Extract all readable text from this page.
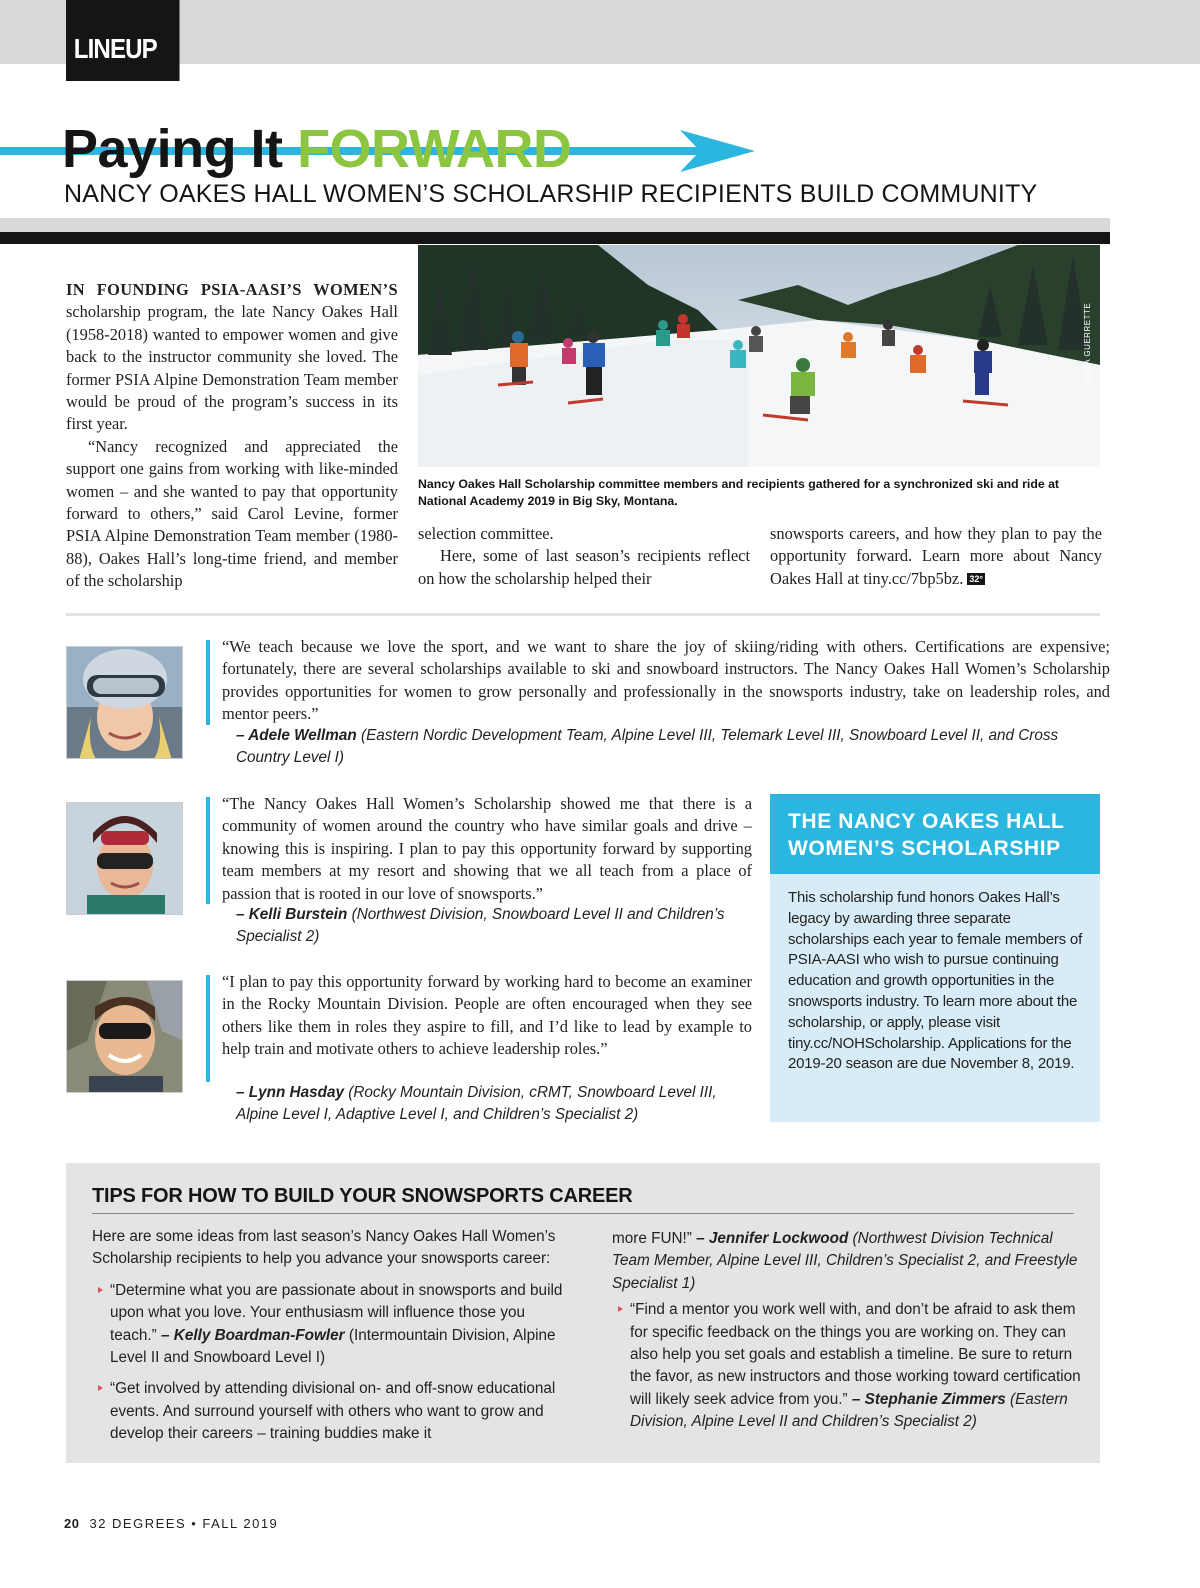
LINEUP
Paying It FORWARD
NANCY OAKES HALL WOMEN’S SCHOLARSHIP RECIPIENTS BUILD COMMUNITY

IN FOUNDING PSIA-AASI’S WOMEN’S scholarship program, the late Nancy Oakes Hall (1958-2018) wanted to empower women and give back to the instructor community she loved. The former PSIA Alpine Demonstration Team member would be proud of the program’s success in its first year.

“Nancy recognized and appreciated the support one gains from working with like-minded women – and she wanted to pay that opportunity forward to others,” said Carol Levine, former PSIA Alpine Demonstration Team member (1980-88), Oakes Hall’s long-time friend, and member of the scholarship

LINDA GUERRETTE
Nancy Oakes Hall Scholarship committee members and recipients gathered for a synchronized ski and ride at National Academy 2019 in Big Sky, Montana.

selection committee.

Here, some of last season’s recipients reflect on how the scholarship helped their

snowsports careers, and how they plan to pay the opportunity forward. Learn more about Nancy Oakes Hall at tiny.cc/7bp5bz. 32°

“We teach because we love the sport, and we want to share the joy of skiing/riding with others. Certifications are expensive; fortunately, there are several scholarships available to ski and snowboard instructors. The Nancy Oakes Hall Women’s Scholarship provides opportunities for women to grow personally and professionally in the snowsports industry, take on leadership roles, and mentor peers.”

– Adele Wellman (Eastern Nordic Development Team, Alpine Level III, Telemark Level III, Snowboard Level II, and Cross Country Level I)

“The Nancy Oakes Hall Women’s Scholarship showed me that there is a community of women around the country who have similar goals and drive – knowing this is inspiring. I plan to pay this opportunity forward by supporting team members at my resort and showing that we all teach from a place of passion that is rooted in our love of snowsports.”

– Kelli Burstein (Northwest Division, Snowboard Level II and Children’s Specialist 2)

“I plan to pay this opportunity forward by working hard to become an examiner in the Rocky Mountain Division. People are often encouraged when they see others like them in roles they aspire to fill, and I’d like to lead by example to help train and motivate others to achieve leadership roles.”

– Lynn Hasday (Rocky Mountain Division, cRMT, Snowboard Level III, Alpine Level I, Adaptive Level I, and Children’s Specialist 2)

THE NANCY OAKES HALL WOMEN’S SCHOLARSHIP

This scholarship fund honors Oakes Hall’s legacy by awarding three separate scholarships each year to female members of PSIA-AASI who wish to pursue continuing education and growth opportunities in the snowsports industry. To learn more about the scholarship, or apply, please visit tiny.cc/NOHScholarship. Applications for the 2019-20 season are due November 8, 2019.

TIPS FOR HOW TO BUILD YOUR SNOWSPORTS CAREER

Here are some ideas from last season’s Nancy Oakes Hall Women’s Scholarship recipients to help you advance your snowsports career:

“Determine what you are passionate about in snowsports and build upon what you love. Your enthusiasm will influence those you teach.” – Kelly Boardman-Fowler (Intermountain Division, Alpine Level II and Snowboard Level I)

“Get involved by attending divisional on- and off-snow educational events. And surround yourself with others who want to grow and develop their careers – training buddies make it

more FUN!” – Jennifer Lockwood (Northwest Division Technical Team Member, Alpine Level III, Children’s Specialist 2, and Freestyle Specialist 1)

“Find a mentor you work well with, and don’t be afraid to ask them for specific feedback on the things you are working on. They can also help you set goals and establish a timeline. Be sure to return the favor, as new instructors and those working toward certification will likely seek advice from you.” – Stephanie Zimmers (Eastern Division, Alpine Level II and Children’s Specialist 2)

20 32 DEGREES • FALL 2019
